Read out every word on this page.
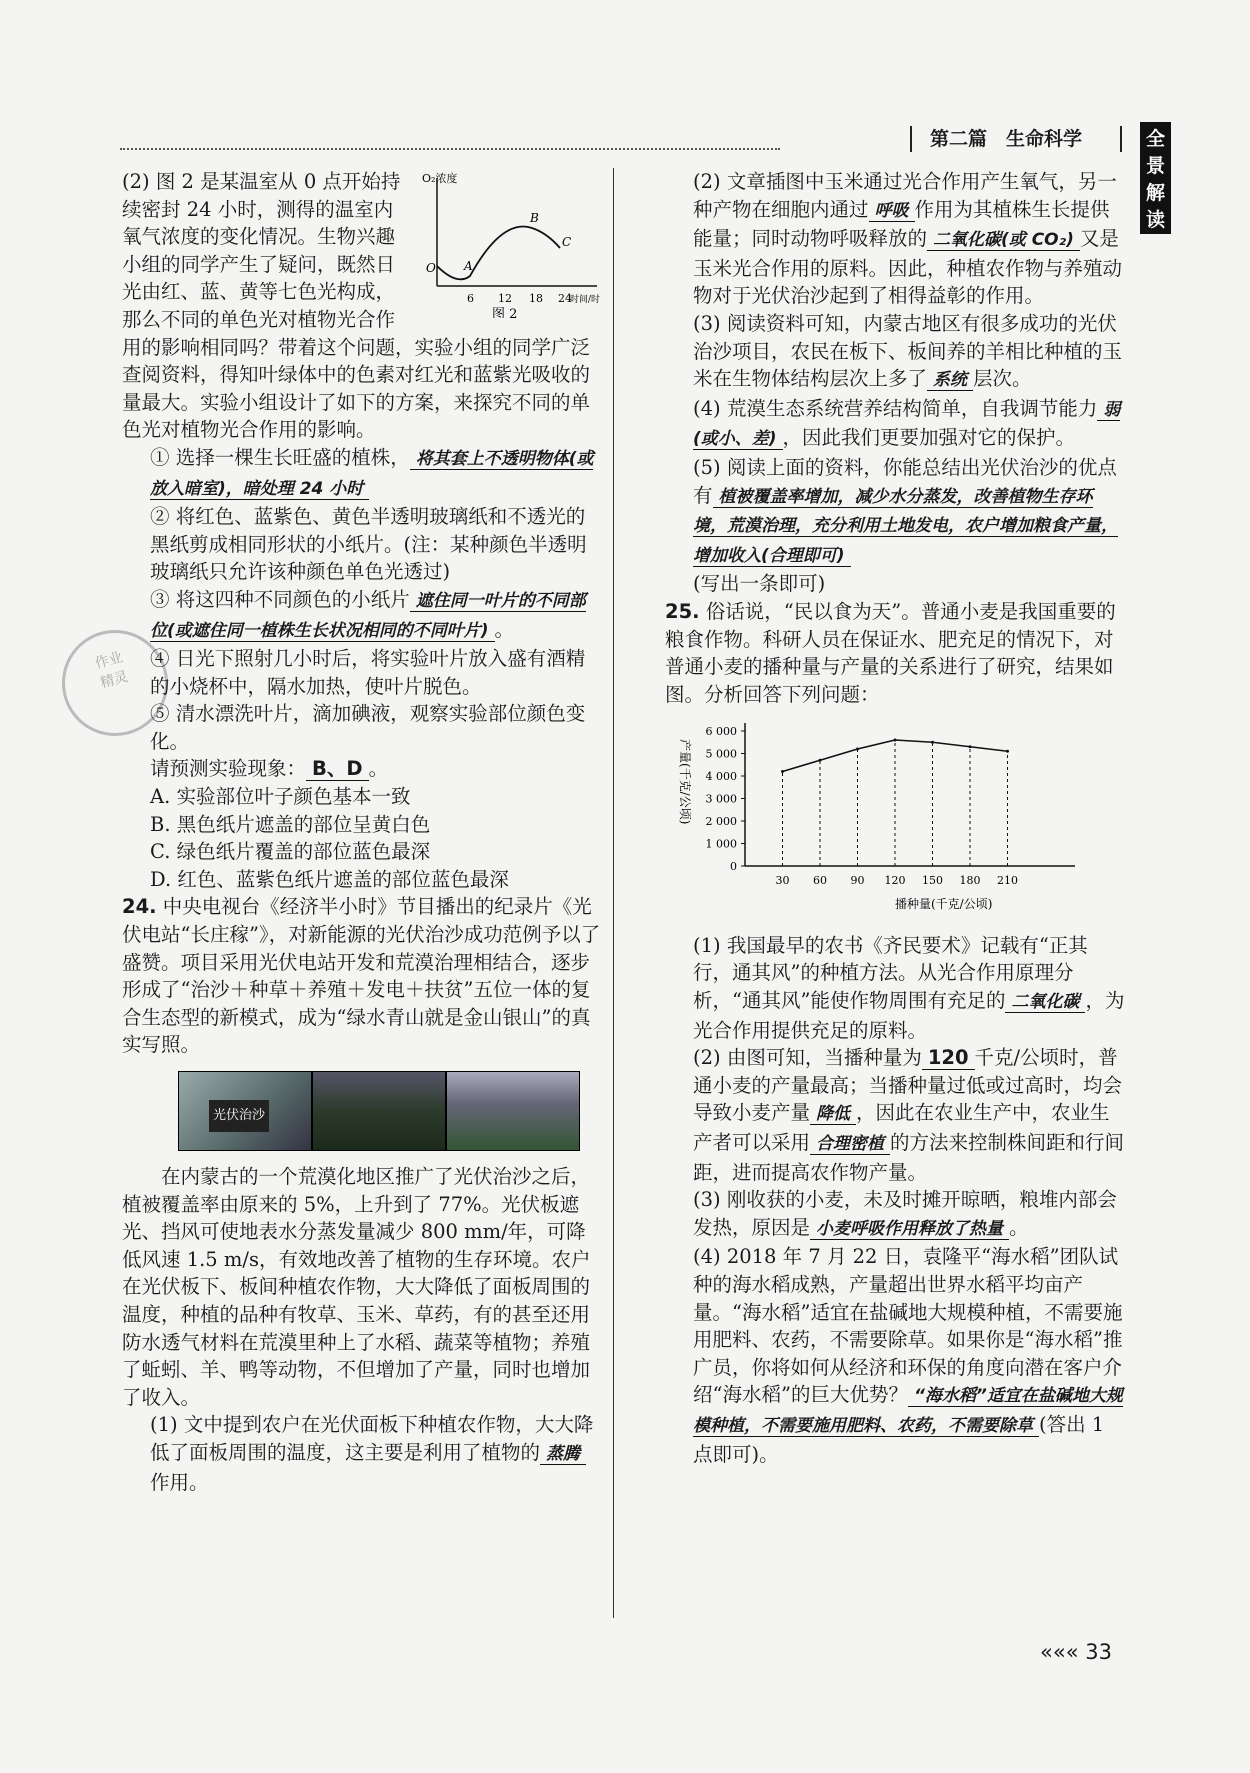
第二篇　生命科学	全景解读

作业
精灵
O₂浓度
O A
B
C
6 12 18 24
时间/时
图 2

(2) 图 2 是某温室从 0 点开始持续密封 24 小时，测得的温室内氧气浓度的变化情况。生物兴趣小组的同学产生了疑问，既然日光由红、蓝、黄等七色光构成，那么不同的单色光对植物光合作用的影响相同吗？带着这个问题，实验小组的同学广泛查阅资料，得知叶绿体中的色素对红光和蓝紫光吸收的量最大。实验小组设计了如下的方案，来探究不同的单色光对植物光合作用的影响。

① 选择一棵生长旺盛的植株， 将其套上不透明物体(或放入暗室)，暗处理 24 小时

② 将红色、蓝紫色、黄色半透明玻璃纸和不透光的黑纸剪成相同形状的小纸片。(注：某种颜色半透明玻璃纸只允许该种颜色单色光透过)

③ 将这四种不同颜色的小纸片 遮住同一叶片的不同部位(或遮住同一植株生长状况相同的不同叶片) 。

④ 日光下照射几小时后，将实验叶片放入盛有酒精的小烧杯中，隔水加热，使叶片脱色。

⑤ 清水漂洗叶片，滴加碘液，观察实验部位颜色变化。

请预测实验现象： B、D 。

A. 实验部位叶子颜色基本一致

B. 黑色纸片遮盖的部位呈黄白色

C. 绿色纸片覆盖的部位蓝色最深

D. 红色、蓝紫色纸片遮盖的部位蓝色最深

24. 中央电视台《经济半小时》节目播出的纪录片《光伏电站“长庄稼”》，对新能源的光伏治沙成功范例予以了盛赞。项目采用光伏电站开发和荒漠治理相结合，逐步形成了“治沙＋种草＋养殖＋发电＋扶贫”五位一体的复合生态型的新模式，成为“绿水青山就是金山银山”的真实写照。

光伏治沙

在内蒙古的一个荒漠化地区推广了光伏治沙之后，植被覆盖率由原来的 5%，上升到了 77%。光伏板遮光、挡风可使地表水分蒸发量减少 800 mm/年，可降低风速 1.5 m/s，有效地改善了植物的生存环境。农户在光伏板下、板间种植农作物，大大降低了面板周围的温度，种植的品种有牧草、玉米、草药，有的甚至还用防水透气材料在荒漠里种上了水稻、蔬菜等植物；养殖了蚯蚓、羊、鸭等动物，不但增加了产量，同时也增加了收入。

(1) 文中提到农户在光伏面板下种植农作物，大大降低了面板周围的温度，这主要是利用了植物的 蒸腾作用。

(2) 文章插图中玉米通过光合作用产生氧气，另一种产物在细胞内通过 呼吸 作用为其植株生长提供能量；同时动物呼吸释放的 二氧化碳(或 CO₂) 又是玉米光合作用的原料。因此，种植农作物与养殖动物对于光伏治沙起到了相得益彰的作用。

(3) 阅读资料可知，内蒙古地区有很多成功的光伏治沙项目，农民在板下、板间养的羊相比种植的玉米在生物体结构层次上多了 系统 层次。

(4) 荒漠生态系统营养结构简单，自我调节能力 弱(或小、差) ，因此我们更要加强对它的保护。

(5) 阅读上面的资料，你能总结出光伏治沙的优点有 植被覆盖率增加，减少水分蒸发，改善植物生存环境，荒漠治理，充分利用土地发电，农户增加粮食产量，增加收入(合理即可)
(写出一条即可)

25. 俗话说，“民以食为天”。普通小麦是我国重要的粮食作物。科研人员在保证水、肥充足的情况下，对普通小麦的播种量与产量的关系进行了研究，结果如图。分析回答下列问题：

0
1 000
2 000
3 000
4 000
5 000
6 000
30 60 90 120 150 180 210
产量(千克/公顷)
播种量(千克/公顷)

(1) 我国最早的农书《齐民要术》记载有“正其行，通其风”的种植方法。从光合作用原理分析，“通其风”能使作物周围有充足的 二氧化碳 ，为光合作用提供充足的原料。

(2) 由图可知，当播种量为 120 千克/公顷时，普通小麦的产量最高；当播种量过低或过高时，均会导致小麦产量 降低 ，因此在农业生产中，农业生产者可以采用 合理密植 的方法来控制株间距和行间距，进而提高农作物产量。

(3) 刚收获的小麦，未及时摊开晾晒，粮堆内部会发热，原因是 小麦呼吸作用释放了热量 。

(4) 2018 年 7 月 22 日，袁隆平“海水稻”团队试种的海水稻成熟，产量超出世界水稻平均亩产量。“海水稻”适宜在盐碱地大规模种植，不需要施用肥料、农药，不需要除草。如果你是“海水稻”推广员，你将如何从经济和环保的角度向潜在客户介绍“海水稻”的巨大优势？ “海水稻”适宜在盐碱地大规模种植，不需要施用肥料、农药，不需要除草 (答出 1 点即可)。

««« 33
